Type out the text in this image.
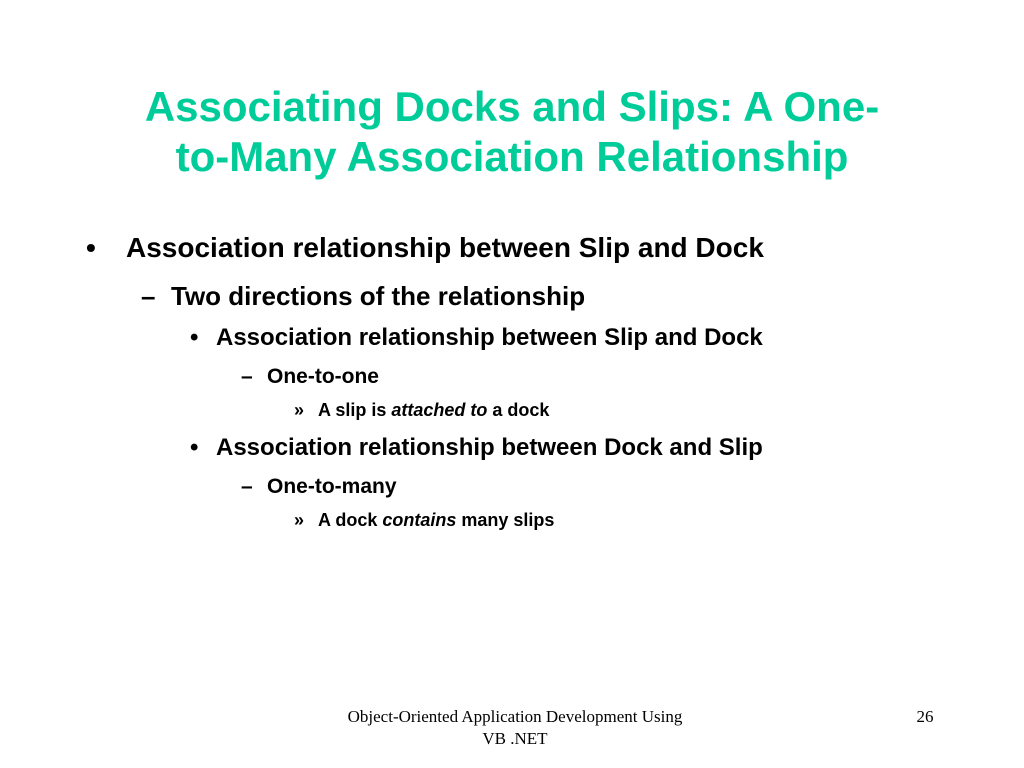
Associating Docks and Slips: A One-
to-Many Association Relationship
• Association relationship between Slip and Dock
– Two directions of the relationship
• Association relationship between Slip and Dock
– One-to-one
» A slip is attached to a dock
• Association relationship between Dock and Slip
– One-to-many
» A dock contains many slips
Object-Oriented Application Development Using
VB .NET
26
